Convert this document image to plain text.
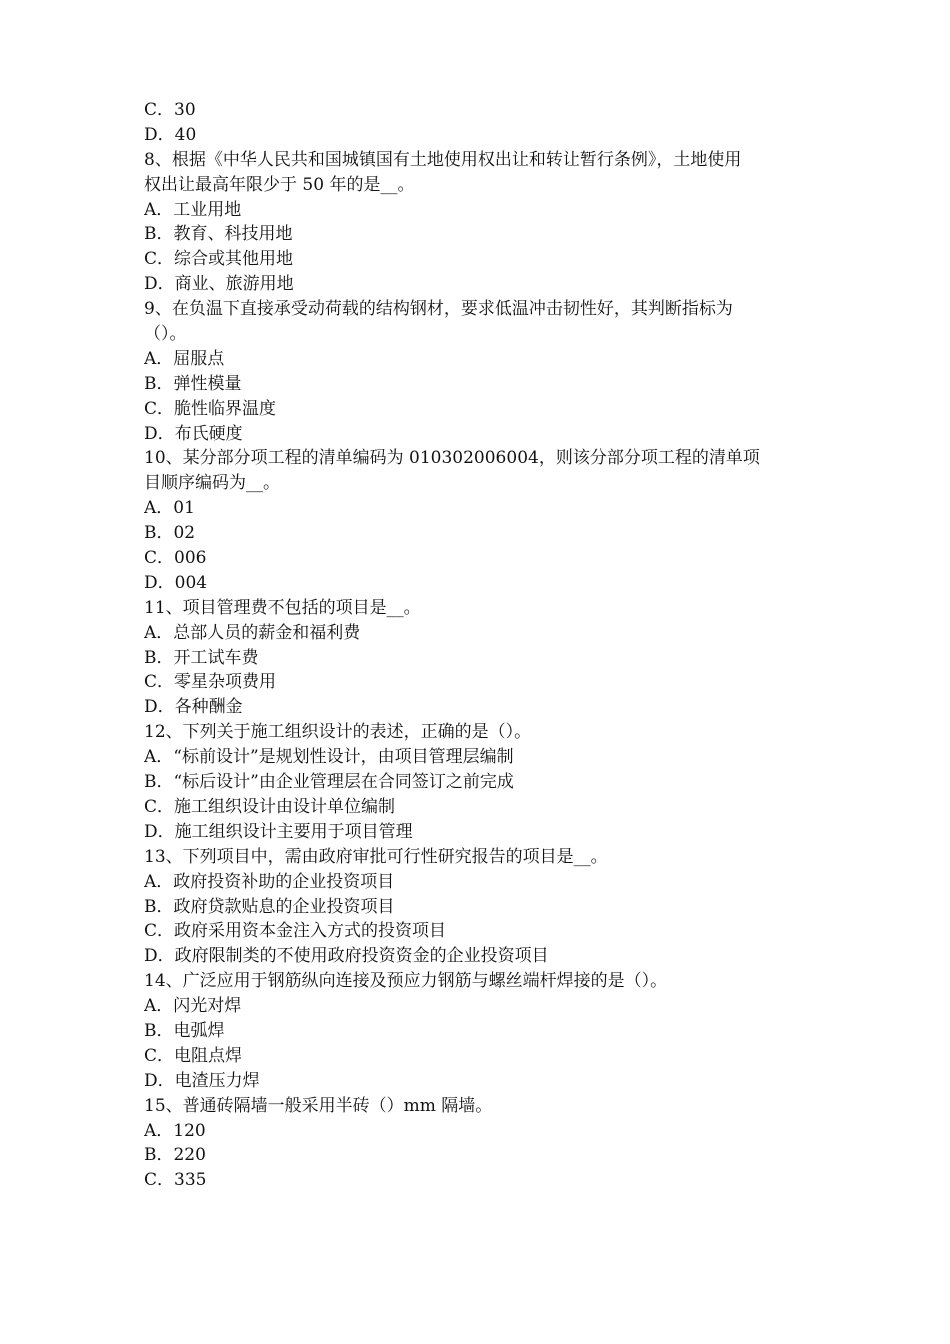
C．30
D．40
8、根据《中华人民共和国城镇国有土地使用权出让和转让暂行条例》，土地使用
权出让最高年限少于 50 年的是__。
A．工业用地
B．教育、科技用地
C．综合或其他用地
D．商业、旅游用地
9、在负温下直接承受动荷载的结构钢材，要求低温冲击韧性好，其判断指标为
（）。
A．屈服点
B．弹性模量
C．脆性临界温度
D．布氏硬度
10、某分部分项工程的清单编码为 010302006004，则该分部分项工程的清单项
目顺序编码为__。
A．01
B．02
C．006
D．004
11、项目管理费不包括的项目是__。
A．总部人员的薪金和福利费
B．开工试车费
C．零星杂项费用
D．各种酬金
12、下列关于施工组织设计的表述，正确的是（）。
A．“标前设计”是规划性设计，由项目管理层编制
B．“标后设计”由企业管理层在合同签订之前完成
C．施工组织设计由设计单位编制
D．施工组织设计主要用于项目管理
13、下列项目中，需由政府审批可行性研究报告的项目是__。
A．政府投资补助的企业投资项目
B．政府贷款贴息的企业投资项目
C．政府采用资本金注入方式的投资项目
D．政府限制类的不使用政府投资资金的企业投资项目
14、广泛应用于钢筋纵向连接及预应力钢筋与螺丝端杆焊接的是（）。
A．闪光对焊
B．电弧焊
C．电阻点焊
D．电渣压力焊
15、普通砖隔墙一般采用半砖（）mm 隔墙。
A．120
B．220
C．335
